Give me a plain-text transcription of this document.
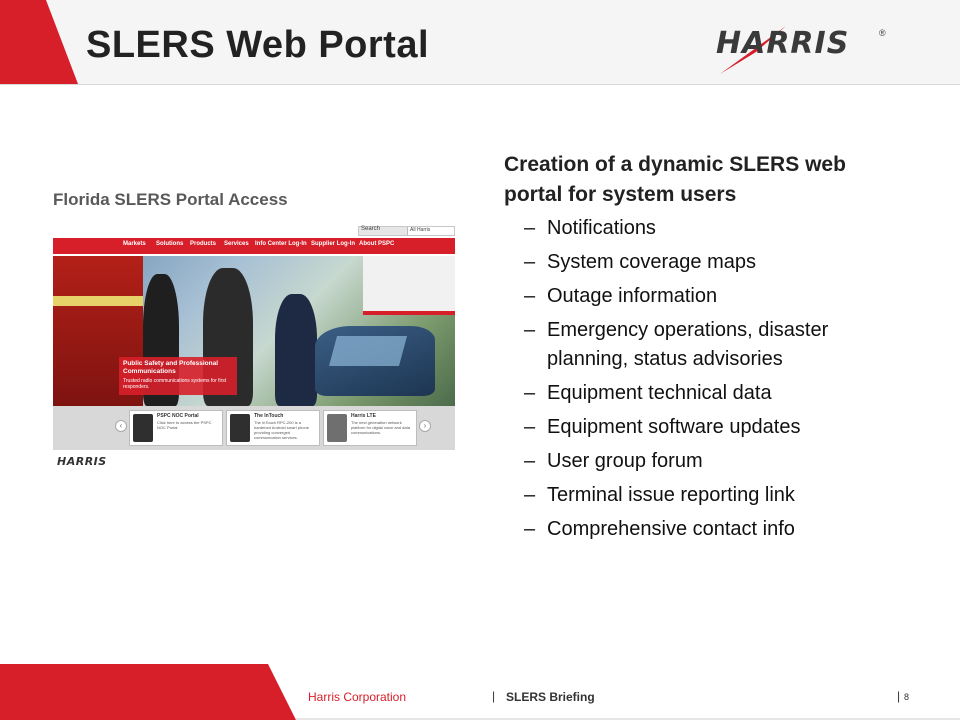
SLERS Web Portal	HARRIS	®
Florida SLERS Portal Access
Search	All Harris
Markets Solutions Products Services Info Center Log-In Supplier Log-In About PSPC
Public Safety and Professional Communications
Trusted radio communications systems for first responders.
‹
PSPC NOC Portal
Click here to access the PSPC NOC Portal
The InTouch
The InTouch RPC-200 is a hardened Android smart phone providing converged communication services.
Harris LTE
The next generation network platform for digital voice and data communications.
›
HARRIS
Creation of a dynamic SLERS web portal for system users
– Notifications
– System coverage maps
– Outage information
– Emergency operations, disaster planning, status advisories
– Equipment technical data
– Equipment software updates
– User group forum
– Terminal issue reporting link
– Comprehensive contact info
Harris Corporation	| SLERS Briefing	| 8
